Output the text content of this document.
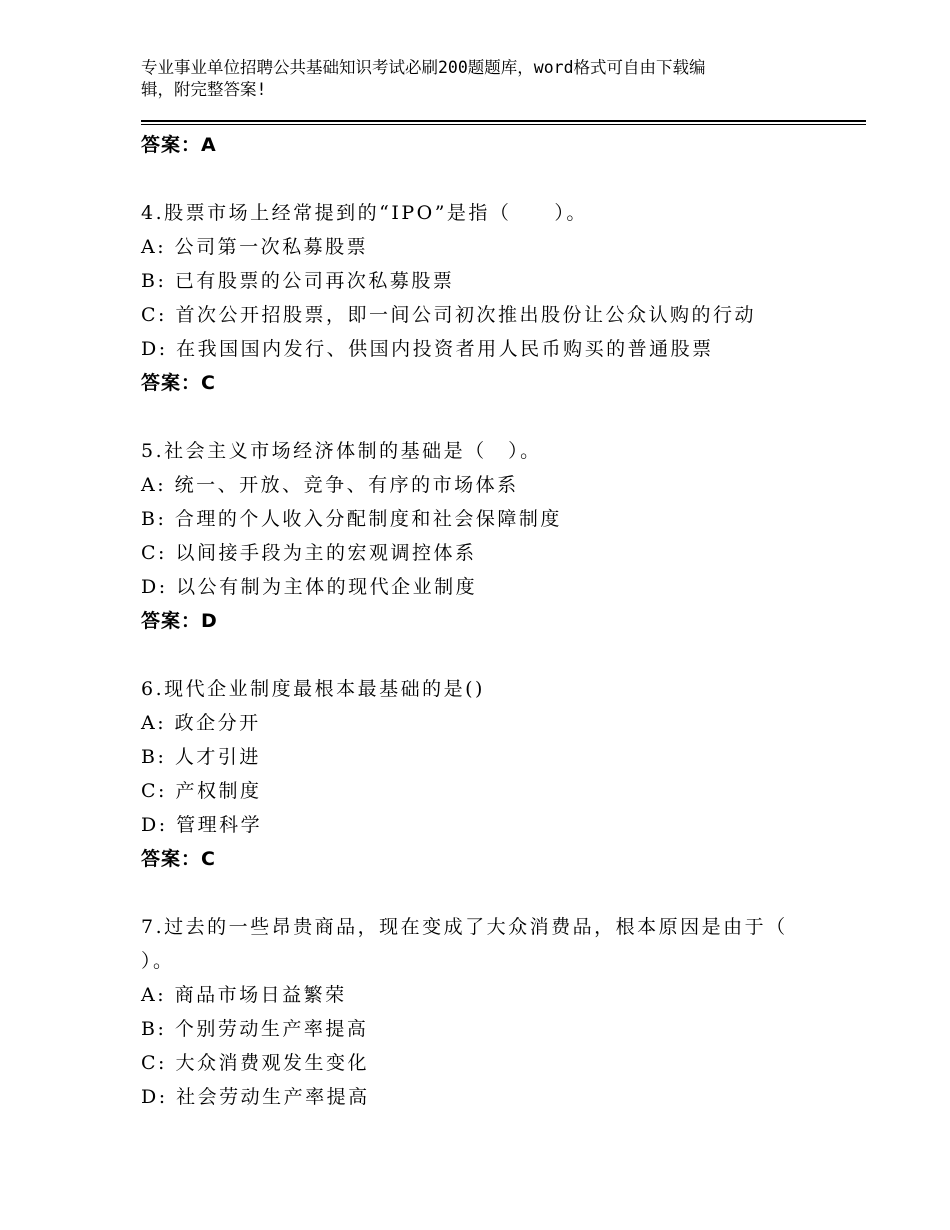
专业事业单位招聘公共基础知识考试必刷200题题库，word格式可自由下载编
辑，附完整答案!
答案：A
4.股票市场上经常提到的“IPO”是指（　　）。
A: 公司第一次私募股票
B: 已有股票的公司再次私募股票
C: 首次公开招股票，即一间公司初次推出股份让公众认购的行动
D: 在我国国内发行、供国内投资者用人民币购买的普通股票
答案：C
5.社会主义市场经济体制的基础是（　）。
A: 统一、开放、竞争、有序的市场体系
B: 合理的个人收入分配制度和社会保障制度
C: 以间接手段为主的宏观调控体系
D: 以公有制为主体的现代企业制度
答案：D
6.现代企业制度最根本最基础的是()
A: 政企分开
B: 人才引进
C: 产权制度
D: 管理科学
答案：C
7.过去的一些昂贵商品，现在变成了大众消费品，根本原因是由于（
）。
A: 商品市场日益繁荣
B: 个别劳动生产率提高
C: 大众消费观发生变化
D: 社会劳动生产率提高
